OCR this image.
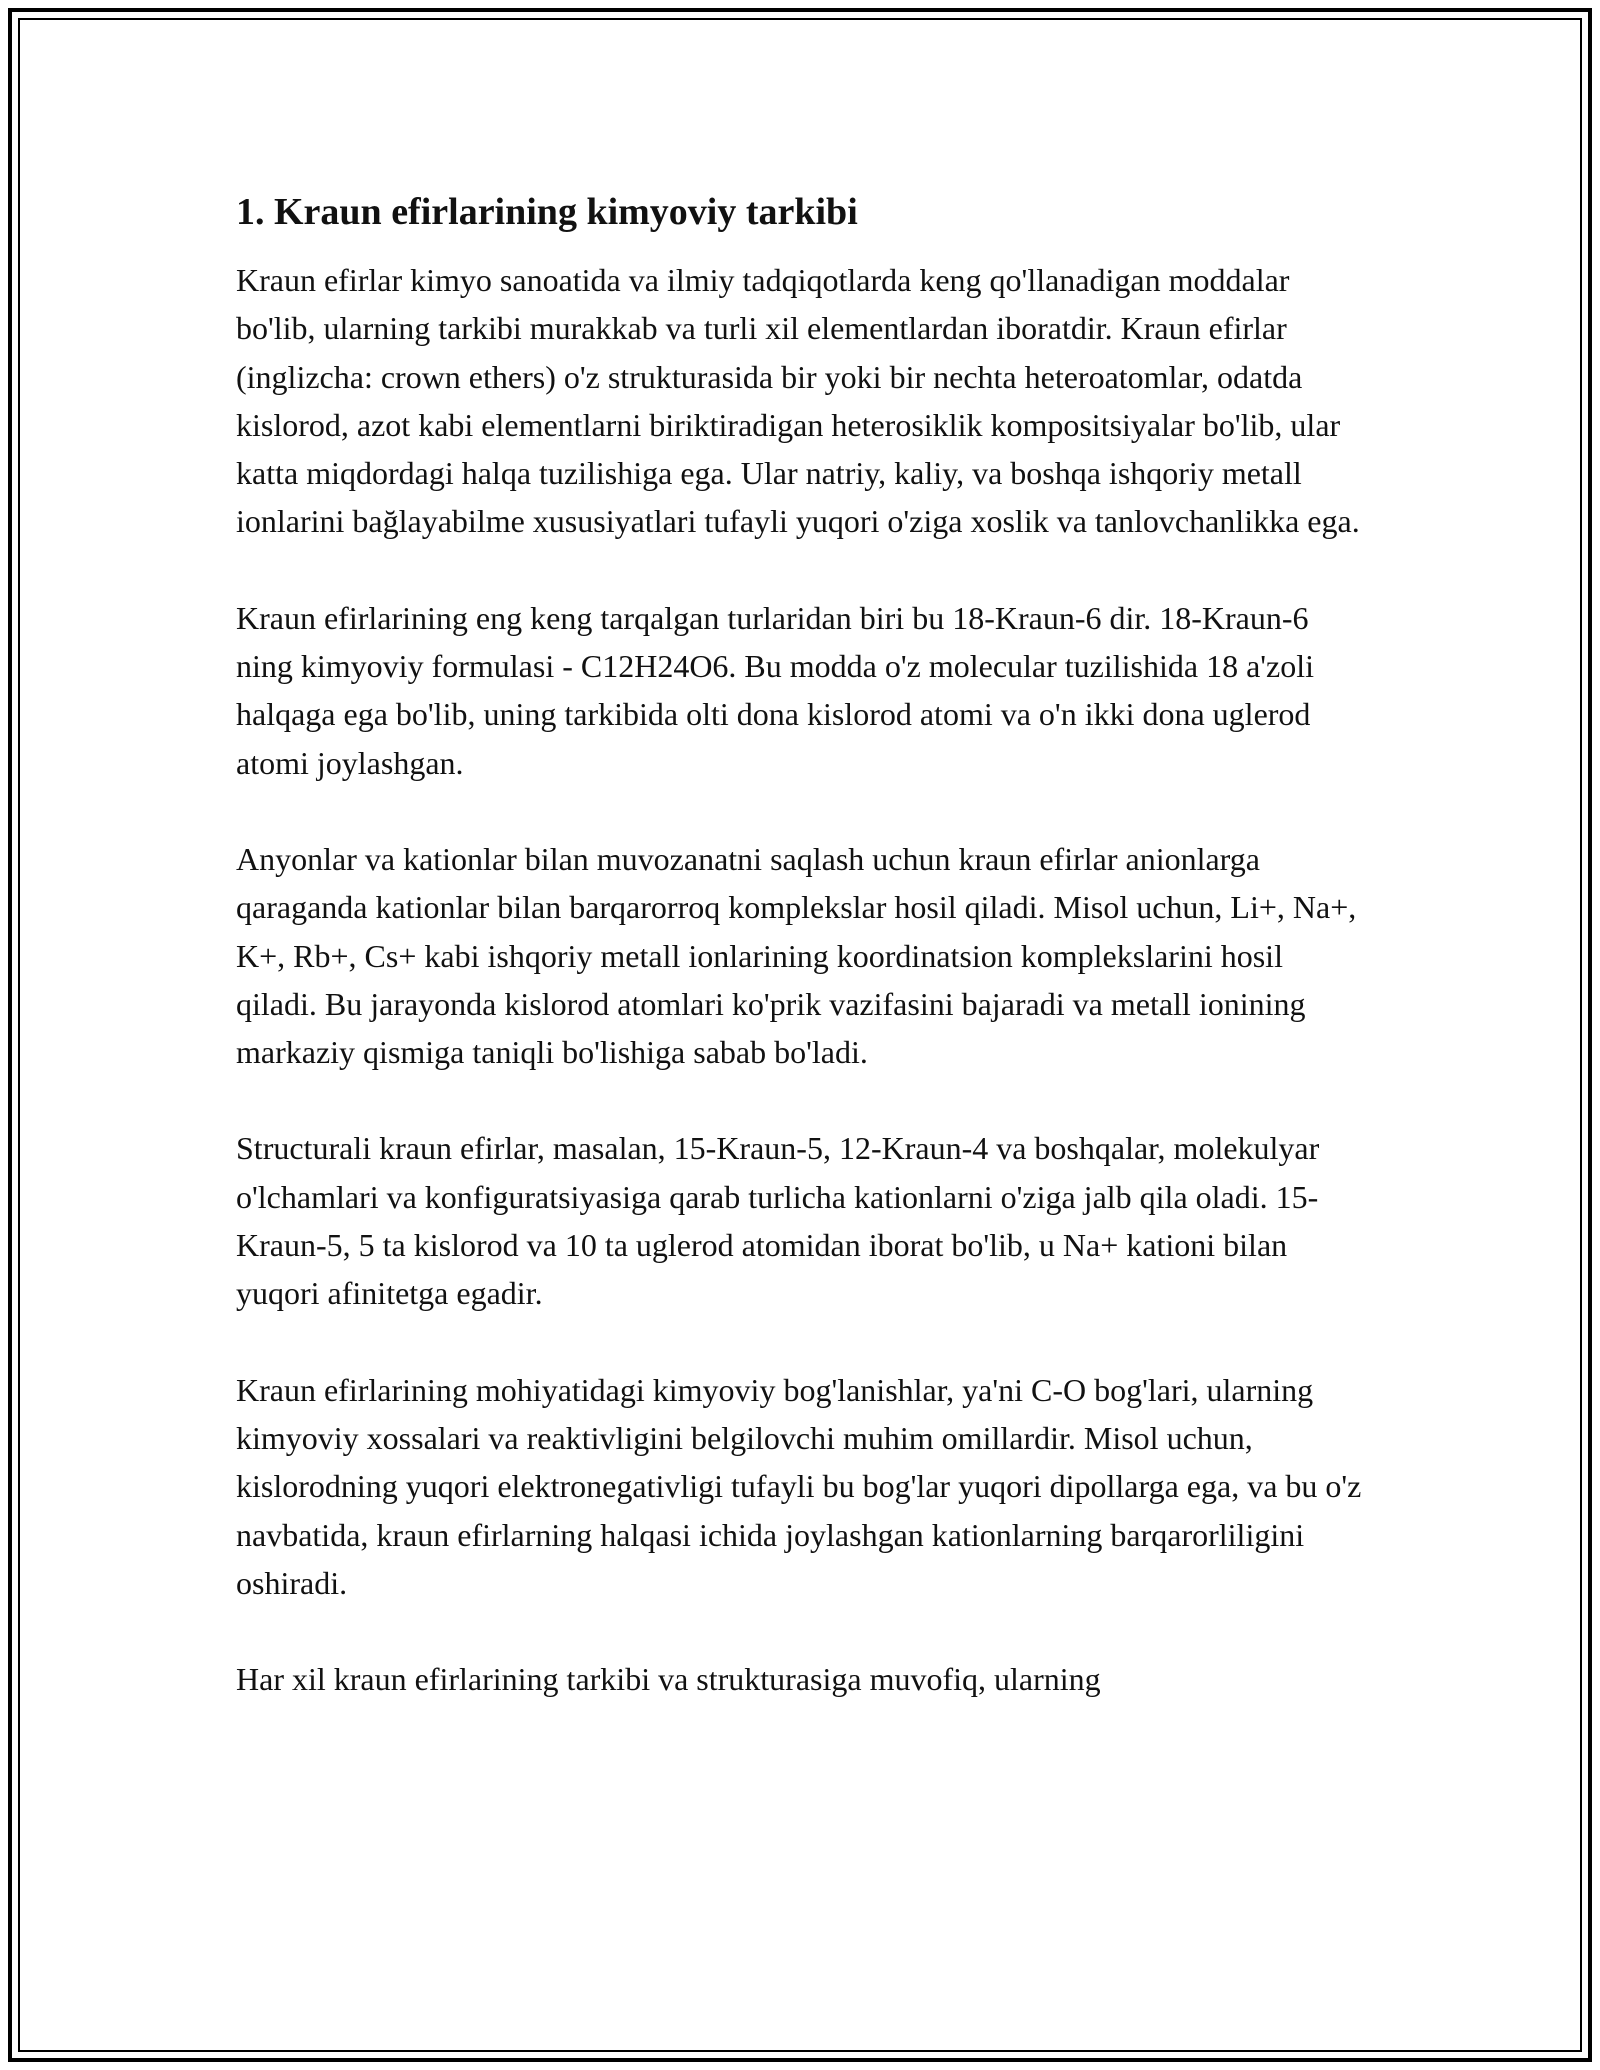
1. Kraun efirlarining kimyoviy tarkibi

Kraun efirlar kimyo sanoatida va ilmiy tadqiqotlarda keng qo'llanadigan moddalar bo'lib, ularning tarkibi murakkab va turli xil elementlardan iboratdir. Kraun efirlar (inglizcha: crown ethers) o'z strukturasida bir yoki bir nechta heteroatomlar, odatda kislorod, azot kabi elementlarni biriktiradigan heterosiklik kompositsiyalar bo'lib, ular katta miqdordagi halqa tuzilishiga ega. Ular natriy, kaliy, va boshqa ishqoriy metall ionlarini bağlayabilme xususiyatlari tufayli yuqori o'ziga xoslik va tanlovchanlikka ega.

Kraun efirlarining eng keng tarqalgan turlaridan biri bu 18-Kraun-6 dir. 18-Kraun-6 ning kimyoviy formulasi - C12H24O6. Bu modda o'z molecular tuzilishida 18 a'zoli halqaga ega bo'lib, uning tarkibida olti dona kislorod atomi va o'n ikki dona uglerod atomi joylashgan.

Anyonlar va kationlar bilan muvozanatni saqlash uchun kraun efirlar anionlarga qaraganda kationlar bilan barqarorroq komplekslar hosil qiladi. Misol uchun, Li+, Na+, K+, Rb+, Cs+ kabi ishqoriy metall ionlarining koordinatsion komplekslarini hosil qiladi. Bu jarayonda kislorod atomlari ko'prik vazifasini bajaradi va metall ionining markaziy qismiga taniqli bo'lishiga sabab bo'ladi.

Structurali kraun efirlar, masalan, 15-Kraun-5, 12-Kraun-4 va boshqalar, molekulyar o'lchamlari va konfiguratsiyasiga qarab turlicha kationlarni o'ziga jalb qila oladi. 15-Kraun-5, 5 ta kislorod va 10 ta uglerod atomidan iborat bo'lib, u Na+ kationi bilan yuqori afinitetga egadir.

Kraun efirlarining mohiyatidagi kimyoviy bog'lanishlar, ya'ni C-O bog'lari, ularning kimyoviy xossalari va reaktivligini belgilovchi muhim omillardir. Misol uchun, kislorodning yuqori elektronegativligi tufayli bu bog'lar yuqori dipollarga ega, va bu o'z navbatida, kraun efirlarning halqasi ichida joylashgan kationlarning barqarorliligini oshiradi.

Har xil kraun efirlarining tarkibi va strukturasiga muvofiq, ularning
